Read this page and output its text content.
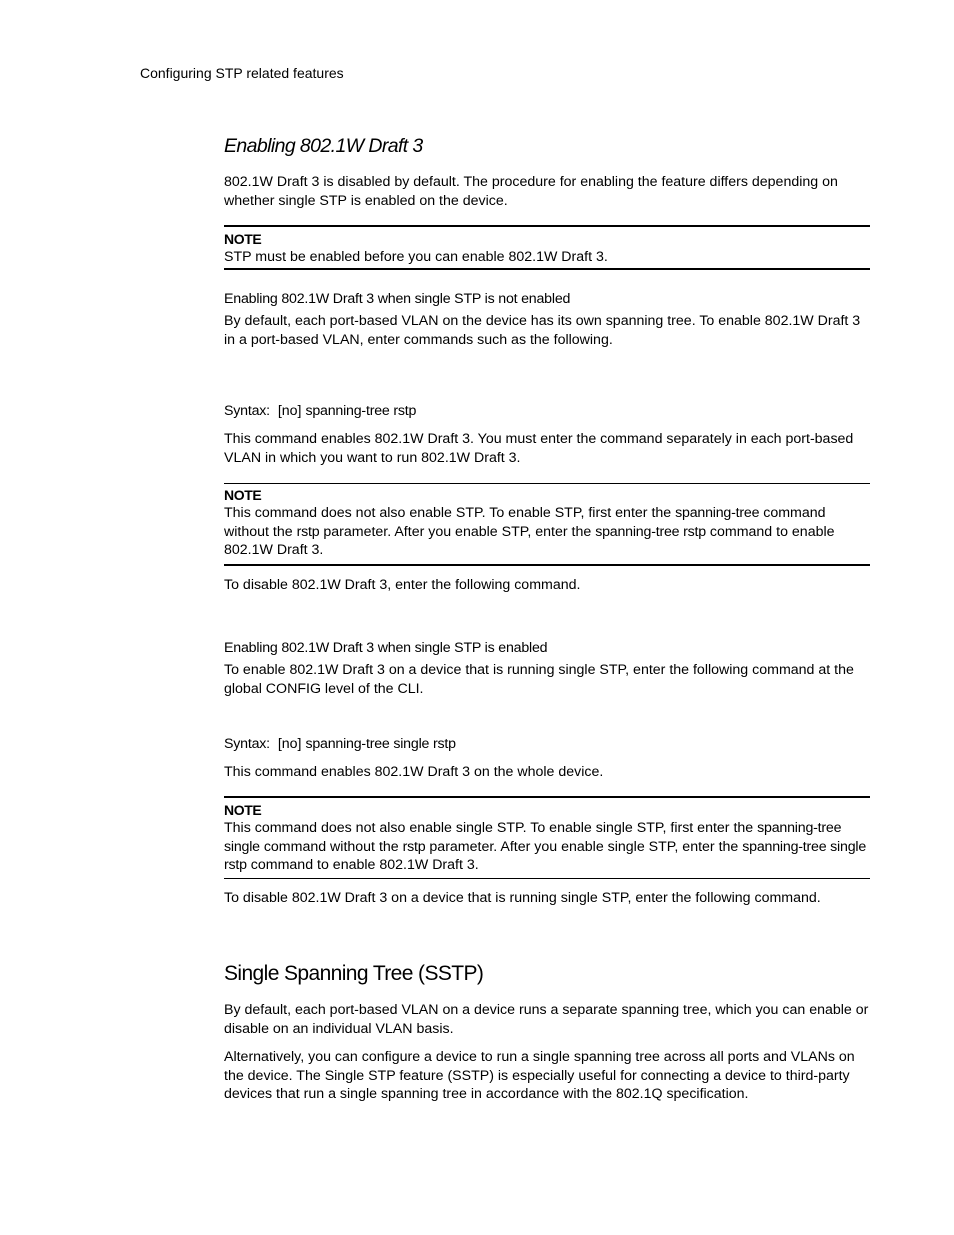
Configuring STP related features
Enabling 802.1W Draft 3

802.1W Draft 3 is disabled by default. The procedure for enabling the feature differs depending on whether single STP is enabled on the device.

NOTE
STP must be enabled before you can enable 802.1W Draft 3.
Enabling 802.1W Draft 3 when single STP is not enabled

By default, each port-based VLAN on the device has its own spanning tree. To enable 802.1W Draft 3 in a port-based VLAN, enter commands such as the following.

Syntax: [no] spanning-tree rstp

This command enables 802.1W Draft 3. You must enter the command separately in each port-based VLAN in which you want to run 802.1W Draft 3.

NOTE
This command does not also enable STP. To enable STP, first enter the spanning-tree command without the rstp parameter. After you enable STP, enter the spanning-tree rstp command to enable 802.1W Draft 3.

To disable 802.1W Draft 3, enter the following command.

Enabling 802.1W Draft 3 when single STP is enabled

To enable 802.1W Draft 3 on a device that is running single STP, enter the following command at the global CONFIG level of the CLI.

Syntax: [no] spanning-tree single rstp

This command enables 802.1W Draft 3 on the whole device.

NOTE
This command does not also enable single STP. To enable single STP, first enter the spanning-tree single command without the rstp parameter. After you enable single STP, enter the spanning-tree single rstp command to enable 802.1W Draft 3.

To disable 802.1W Draft 3 on a device that is running single STP, enter the following command.

Single Spanning Tree (SSTP)

By default, each port-based VLAN on a device runs a separate spanning tree, which you can enable or disable on an individual VLAN basis.

Alternatively, you can configure a device to run a single spanning tree across all ports and VLANs on the device. The Single STP feature (SSTP) is especially useful for connecting a device to third-party devices that run a single spanning tree in accordance with the 802.1Q specification.
